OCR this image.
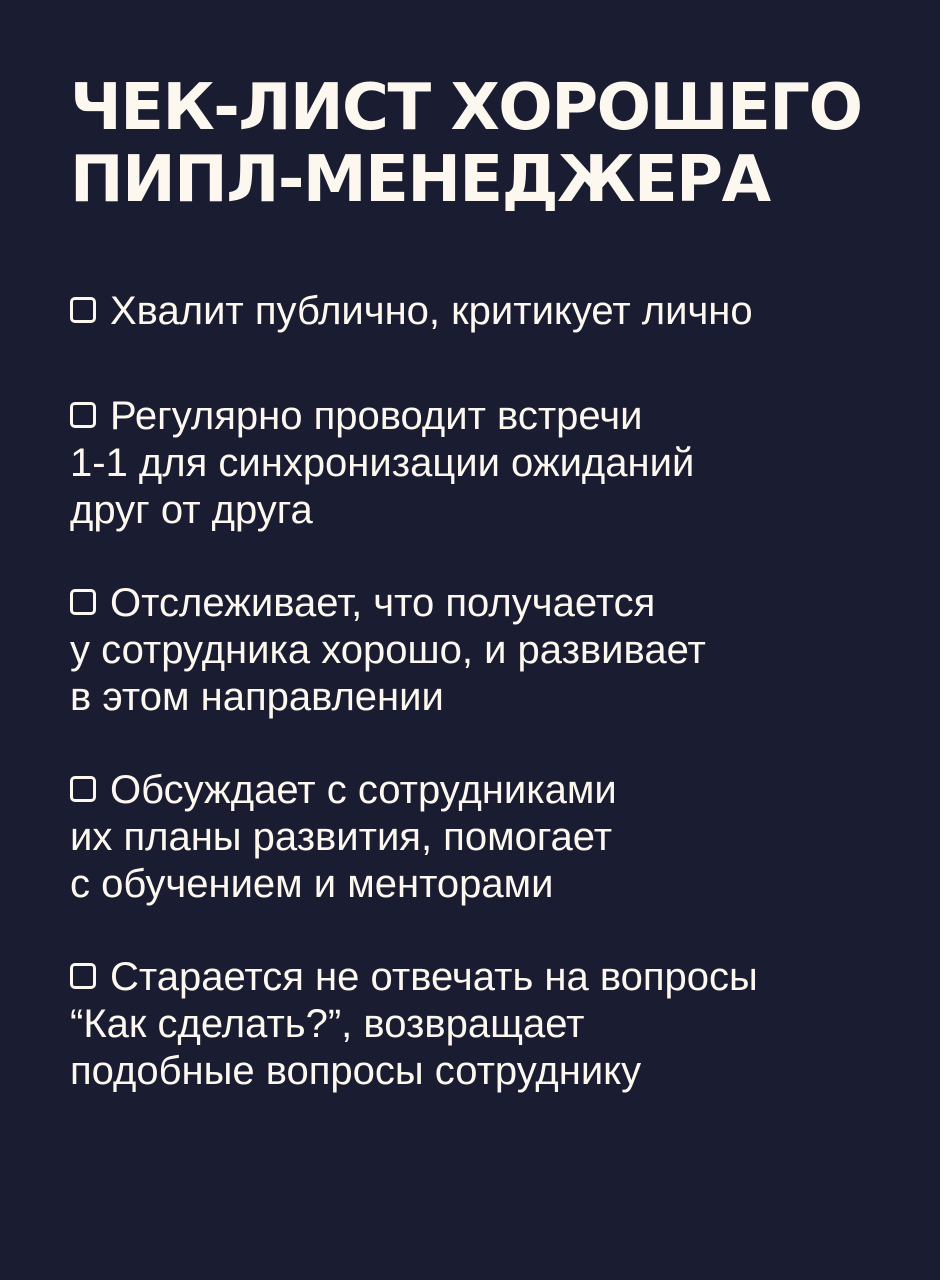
ЧЕК-ЛИСТ ХОРОШЕГО
ПИПЛ-МЕНЕДЖЕРА
Хвалит публично, критикует лично
Регулярно проводит встречи
1-1 для синхронизации ожиданий
друг от друга
Отслеживает, что получается
у сотрудника хорошо, и развивает
в этом направлении
Обсуждает с сотрудниками
их планы развития, помогает
с обучением и менторами
Старается не отвечать на вопросы
“Как сделать?”, возвращает
подобные вопросы сотруднику
